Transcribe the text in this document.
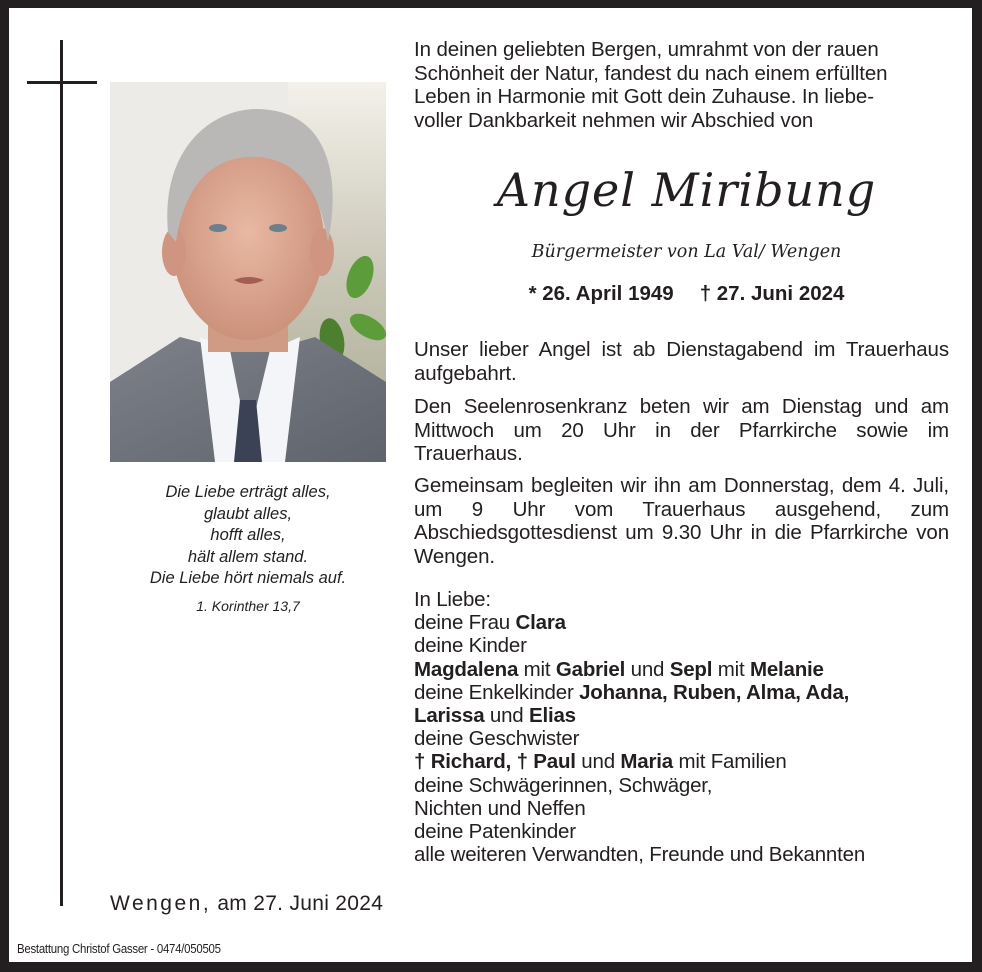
Die Liebe erträgt alles,
glaubt alles,
hofft alles,
hält allem stand.
Die Liebe hört niemals auf.
1. Korinther 13,7
In deinen geliebten Bergen, umrahmt von der rauen
Schönheit der Natur, fandest du nach einem erfüllten
Leben in Harmonie mit Gott dein Zuhause. In liebe-
voller Dankbarkeit nehmen wir Abschied von
Angel Miribung
Bürgermeister von La Val/ Wengen
* 26. April 1949 † 27. Juni 2024
Unser lieber Angel ist ab Dienstagabend im Trauerhaus aufgebahrt.
Den Seelenrosenkranz beten wir am Dienstag und am Mittwoch um 20 Uhr in der Pfarrkirche sowie im Trauerhaus.
Gemeinsam begleiten wir ihn am Donnerstag, dem 4. Juli, um 9 Uhr vom Trauerhaus ausgehend, zum Abschiedsgottesdienst um 9.30 Uhr in die Pfarrkirche von Wengen.
In Liebe:
deine Frau Clara
deine Kinder
Magdalena mit Gabriel und Sepl mit Melanie
deine Enkelkinder Johanna, Ruben, Alma, Ada,
Larissa und Elias
deine Geschwister
† Richard, † Paul und Maria mit Familien
deine Schwägerinnen, Schwäger,
Nichten und Neffen
deine Patenkinder
alle weiteren Verwandten, Freunde und Bekannten
Wengen, am 27. Juni 2024
Bestattung Christof Gasser - 0474/050505
